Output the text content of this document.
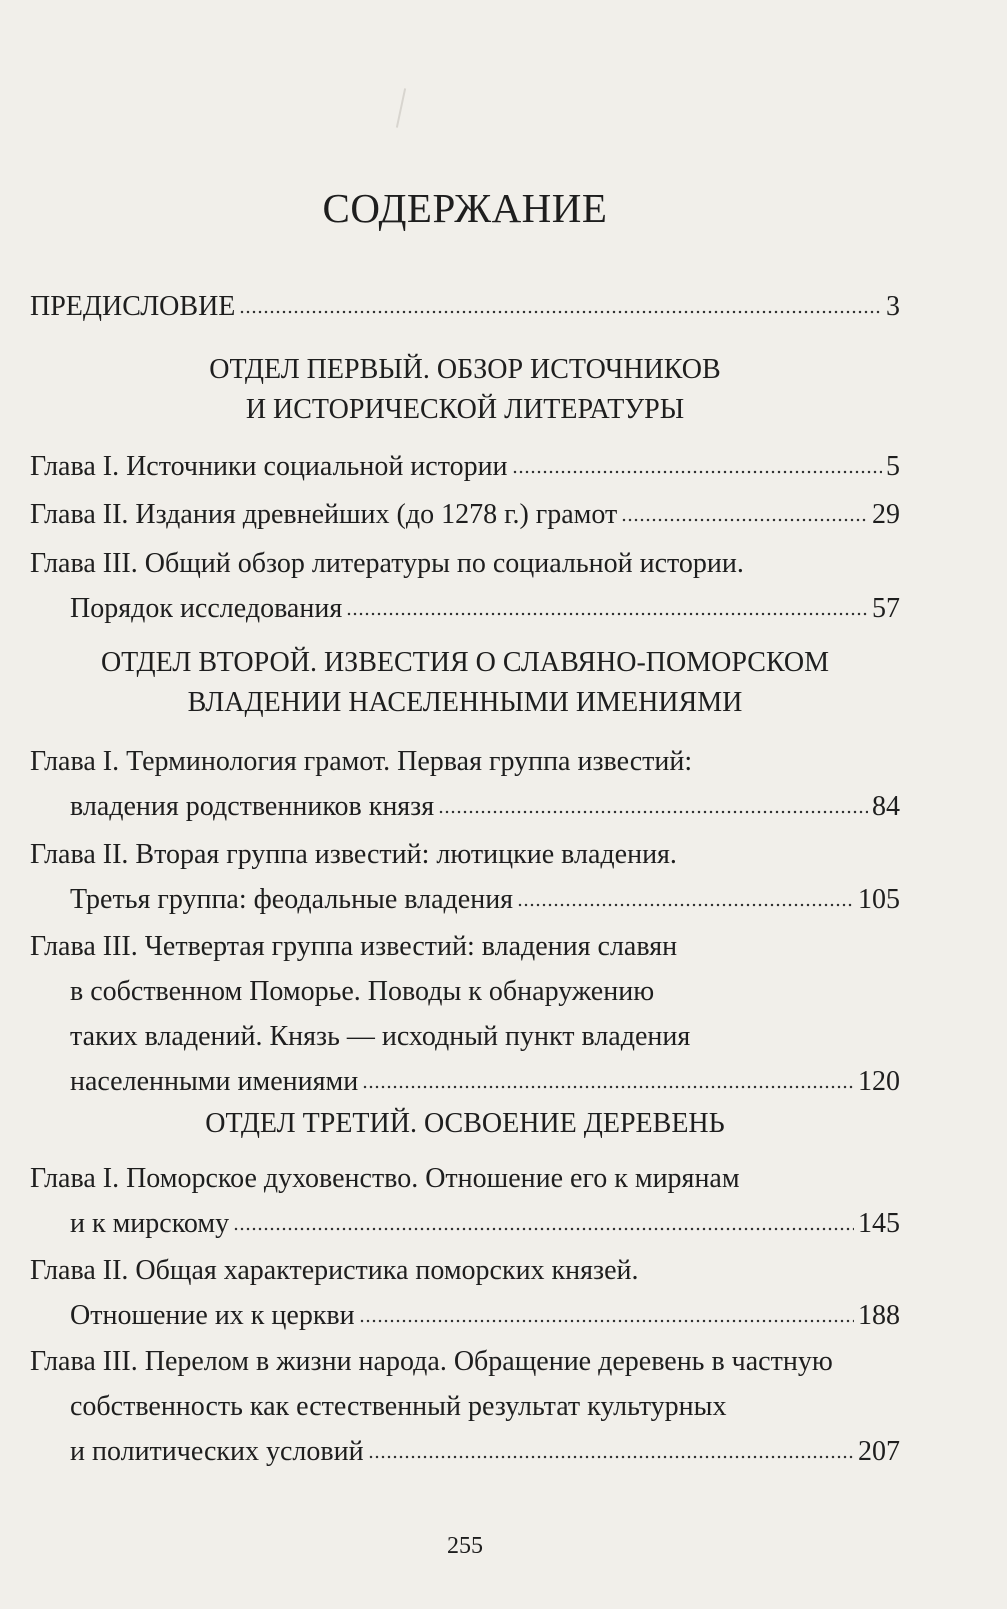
СОДЕРЖАНИЕ
ПРЕДИСЛОВИЕ	3
ОТДЕЛ ПЕРВЫЙ. ОБЗОР ИСТОЧНИКОВ
И ИСТОРИЧЕСКОЙ ЛИТЕРАТУРЫ
Глава I. Источники социальной истории	5
Глава II. Издания древнейших (до 1278 г.) грамот	29
Глава III. Общий обзор литературы по социальной истории.
Порядок исследования	57
ОТДЕЛ ВТОРОЙ. ИЗВЕСТИЯ О СЛАВЯНО-ПОМОРСКОМ
ВЛАДЕНИИ НАСЕЛЕННЫМИ ИМЕНИЯМИ
Глава I. Терминология грамот. Первая группа известий:
владения родственников князя	84
Глава II. Вторая группа известий: лютицкие владения.
Третья группа: феодальные владения	105
Глава III. Четвертая группа известий: владения славян
в собственном Поморье. Поводы к обнаружению
таких владений. Князь — исходный пункт владения
населенными имениями	120
ОТДЕЛ ТРЕТИЙ. ОСВОЕНИЕ ДЕРЕВЕНЬ
Глава I. Поморское духовенство. Отношение его к мирянам
и к мирскому	145
Глава II. Общая характеристика поморских князей.
Отношение их к церкви	188
Глава III. Перелом в жизни народа. Обращение деревень в частную
собственность как естественный результат культурных
и политических условий	207
255
